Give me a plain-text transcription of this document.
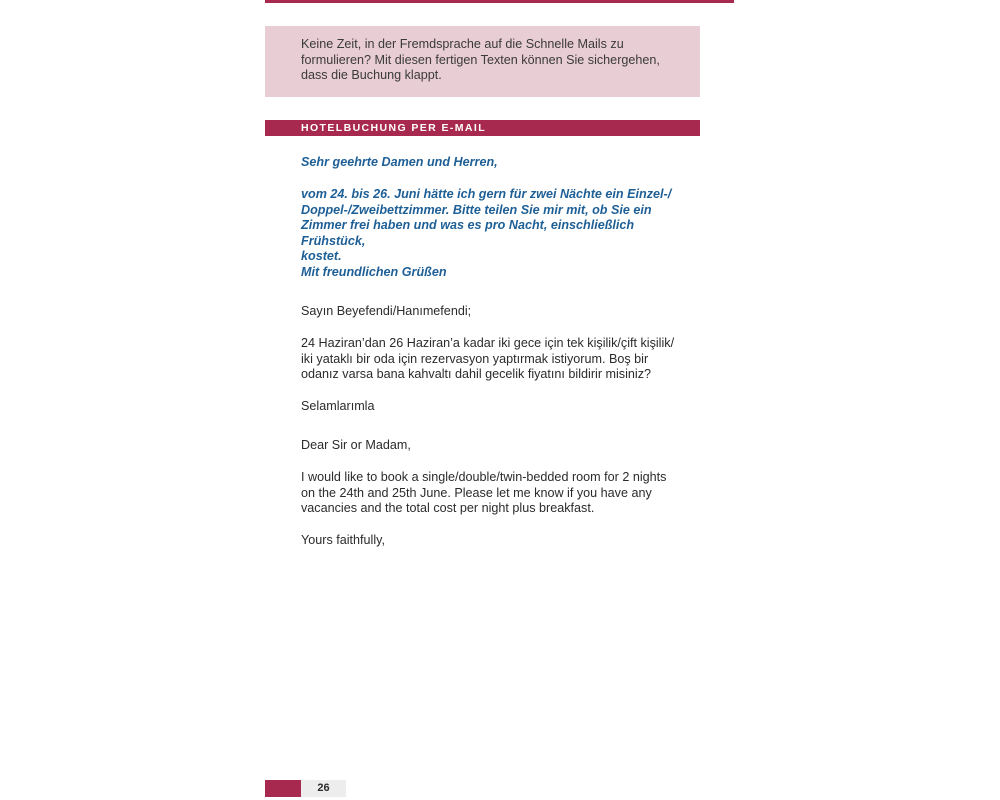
Keine Zeit, in der Fremdsprache auf die Schnelle Mails zu formulieren? Mit diesen fertigen Texten können Sie sichergehen, dass die Buchung klappt.
HOTELBUCHUNG PER E-MAIL
Sehr geehrte Damen und Herren,
vom 24. bis 26. Juni hätte ich gern für zwei Nächte ein Einzel-/
Doppel-/Zweibettzimmer. Bitte teilen Sie mir mit, ob Sie ein
Zimmer frei haben und was es pro Nacht, einschließlich Frühstück,
kostet.
Mit freundlichen Grüßen
Sayın Beyefendi/Hanımefendi;
24 Haziran’dan 26 Haziran’a kadar iki gece için tek kişilik/çift kişilik/
iki yataklı bir oda için rezervasyon yaptırmak istiyorum. Boş bir
odanız varsa bana kahvaltı dahil gecelik fiyatını bildirir misiniz?
Selamlarımla
Dear Sir or Madam,
I would like to book a single/double/twin-bedded room for 2 nights
on the 24th and 25th June. Please let me know if you have any
vacancies and the total cost per night plus breakfast.
Yours faithfully,
26
